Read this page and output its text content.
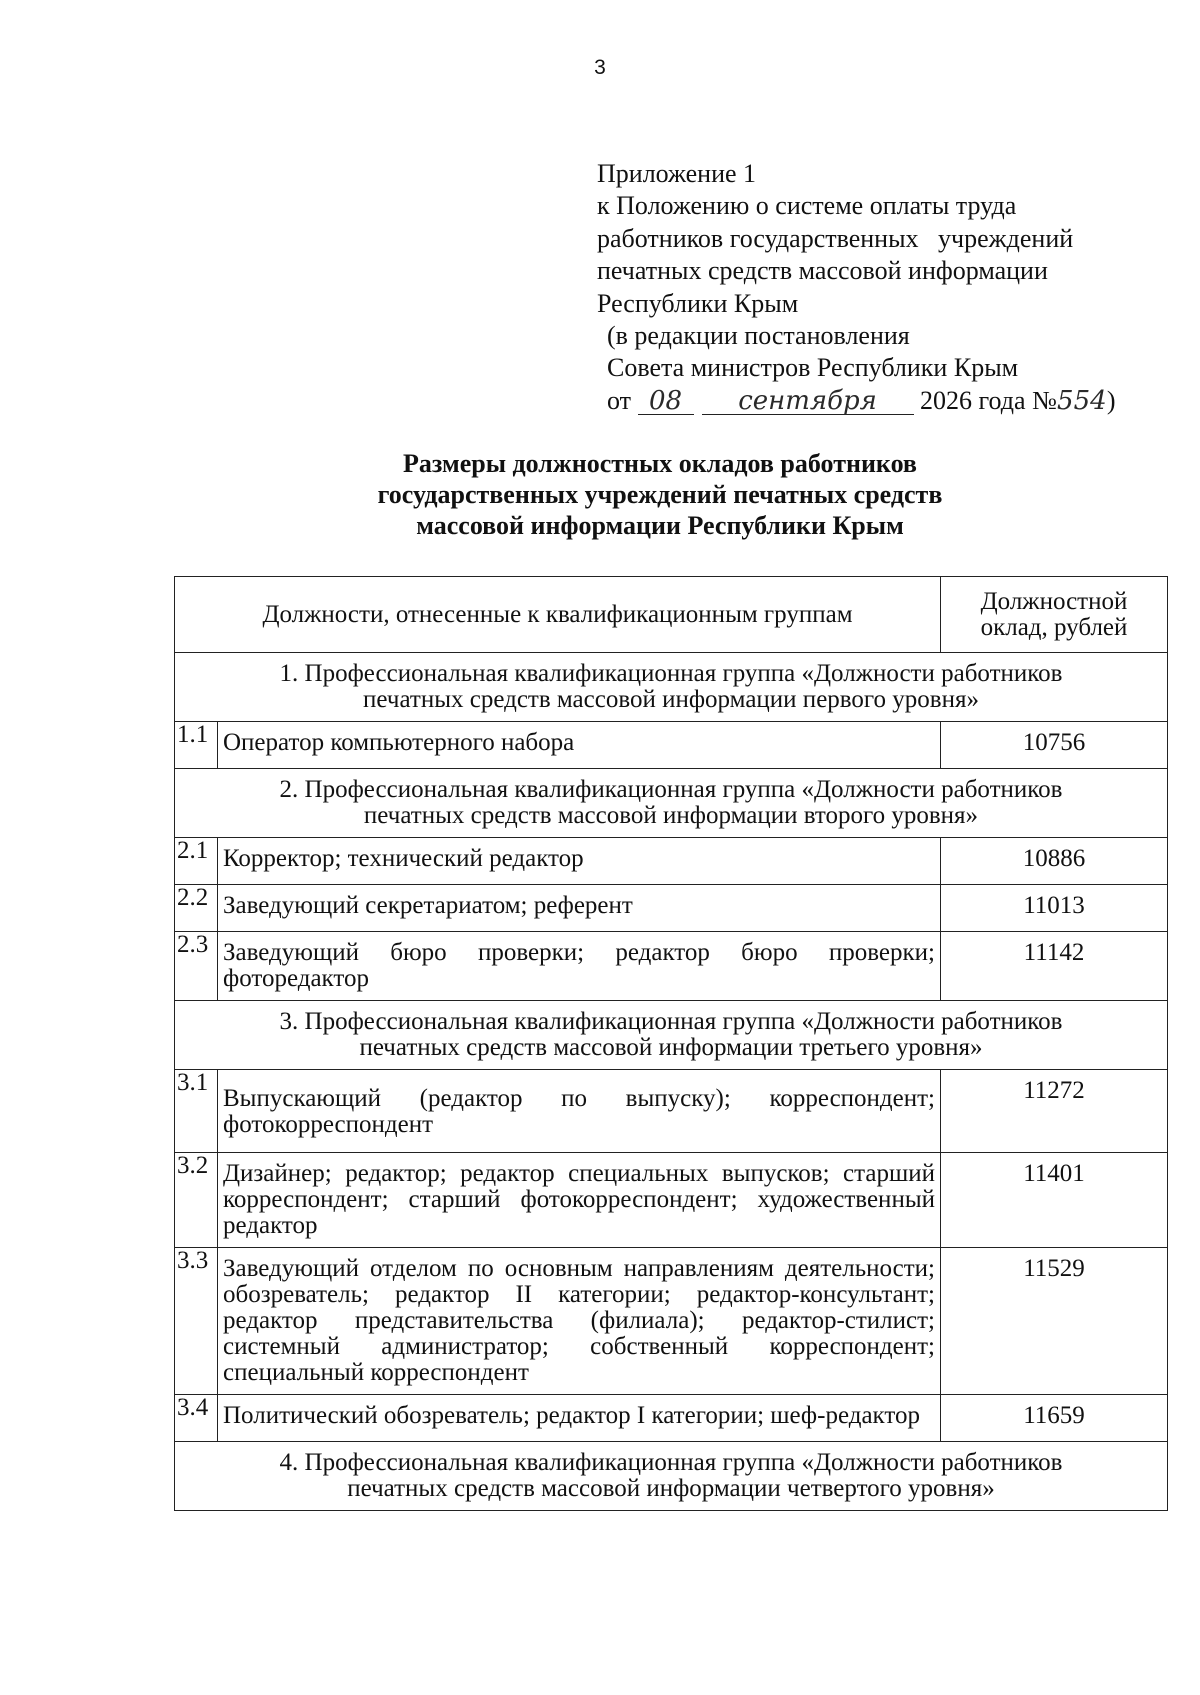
3
Приложение 1
к Положению о системе оплаты труда
работников государственных   учреждений
печатных средств массовой информации
Республики Крым
(в редакции постановления
Совета министров Республики Крым
от 08 сентября 2026 года №554)
Размеры должностных окладов работников
государственных учреждений печатных средств
массовой информации Республики Крым
Должности, отнесенные к квалификационным группам		Должностной
оклад, рублей

1. Профессиональная квалификационная группа «Должности работников
печатных средств массовой информации первого уровня»		

1.1	Оператор компьютерного набора	10756

2. Профессиональная квалификационная группа «Должности работников
печатных средств массовой информации второго уровня»		

2.1	Корректор; технический редактор	10886
2.2	Заведующий секретариатом; референт	11013
2.3	Заведующий бюро проверки; редактор бюро проверки; фоторедактор	11142

3. Профессиональная квалификационная группа «Должности работников
печатных средств массовой информации третьего уровня»		

3.1	Выпускающий (редактор по выпуску); корреспондент; фотокорреспондент	11272
3.2	Дизайнер; редактор; редактор специальных выпусков; старший корреспондент; старший фотокорреспондент; художественный редактор	11401
3.3	Заведующий отделом по основным направлениям деятельности; обозреватель; редактор II категории; редактор-консультант; редактор представительства (филиала); редактор-стилист; системный администратор; собственный корреспондент; специальный корреспондент	11529
3.4	Политический обозреватель; редактор I категории; шеф-редактор	11659

4. Профессиональная квалификационная группа «Должности работников
печатных средств массовой информации четвертого уровня»		
